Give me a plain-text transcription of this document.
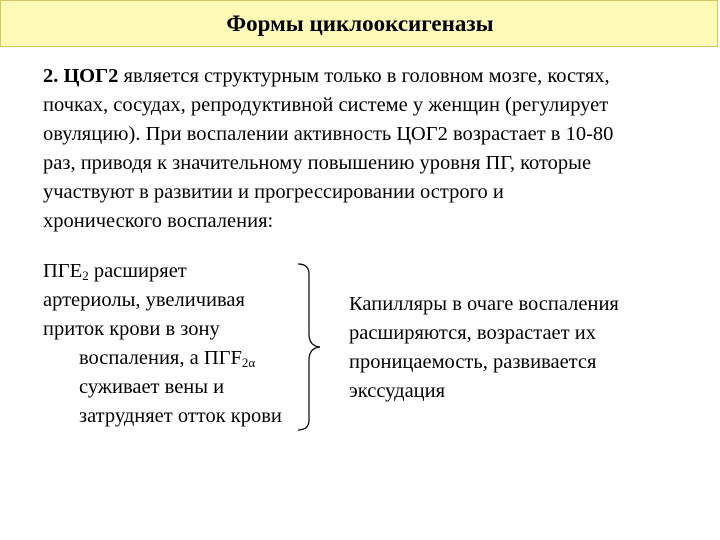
Формы циклооксигеназы
2. ЦОГ2 является структурным только в головном мозге, костях,
почках, сосудах, репродуктивной системе у женщин (регулирует
овуляцию). При воспалении активность ЦОГ2 возрастает в 10-80
раз, приводя к значительному повышению уровня ПГ, которые
участвуют в развитии и прогрессировании острого и
хронического воспаления:
$ПГЕ_2$ расширяет
артериолы, увеличивая
приток крови в зону
воспаления, а $ПГF_{2\alpha}$
суживает вены и
затрудняет отток крови
Капилляры в очаге воспаления
расширяются, возрастает их
проницаемость, развивается
экссудация
